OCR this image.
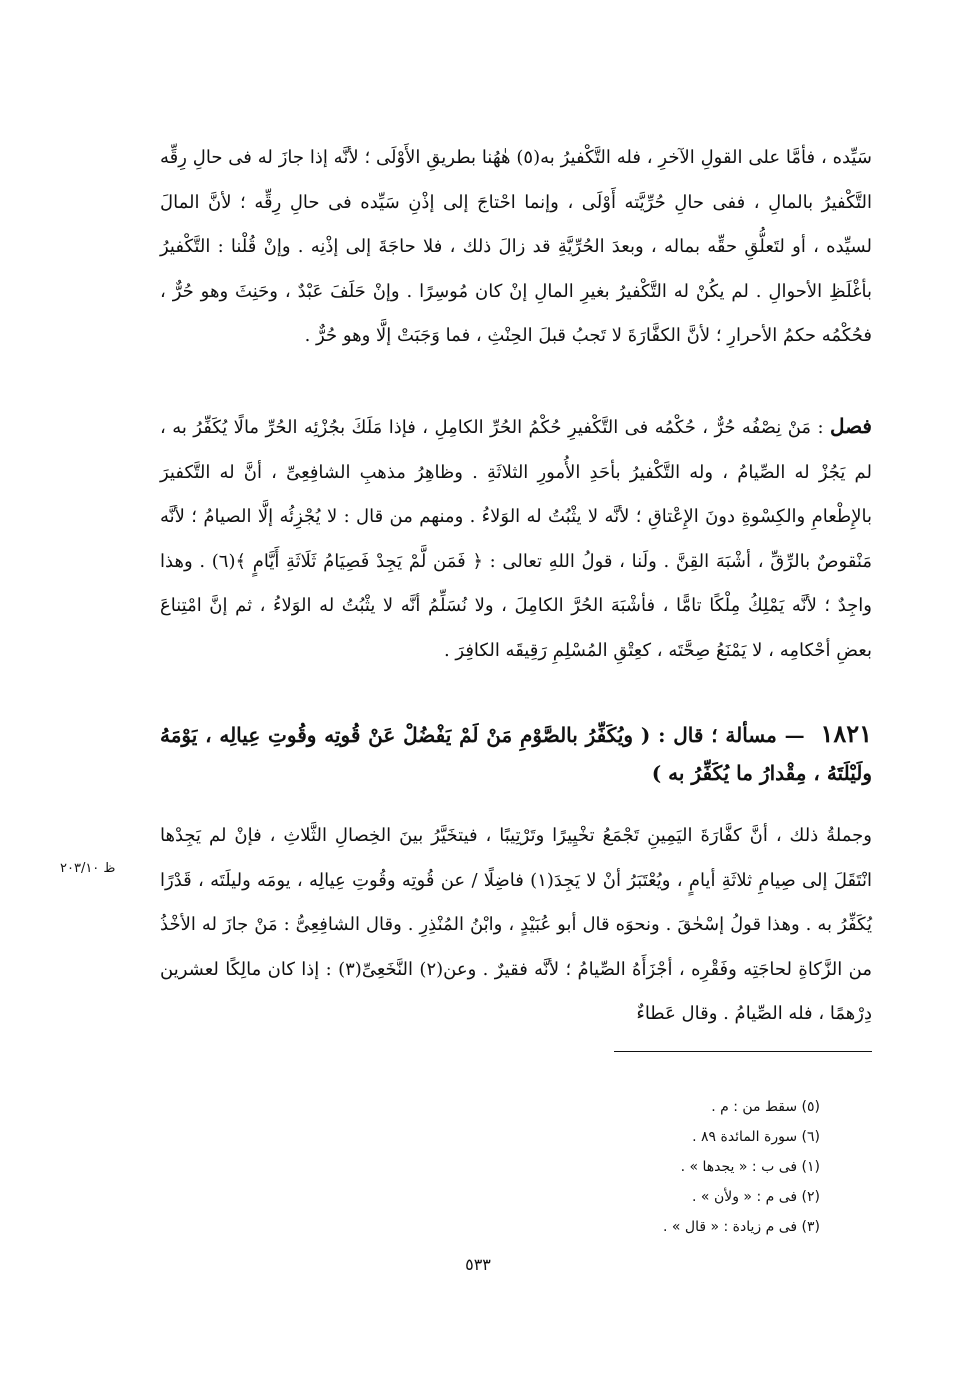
سَيِّده ، فأمَّا على القولِ الآخرِ ، فله التَّكْفيرُ به(٥) هٰهُنا بطريقِ الأَوْلَى ؛ لأنَّه إذا جازَ له فى حالِ رِقِّه التَّكْفيرُ بالمالِ ، ففى حالِ حُرِّيَّته أَوْلَى ، وإنما احْتاجَ إلى إذْنِ سَيِّده فى حالِ رِقِّه ؛ لأنَّ المالَ لسيِّده ، أو لتَعلُّقِ حقِّه بماله ، وبعدَ الحُرِّيَّةِ قد زالَ ذلك ، فلا حاجَةَ إلى إذْنِه . وإنْ قُلْنا : التَّكْفيرُ بأغْلَظِ الأحوالِ . لم يكُنْ له التَّكْفيرُ بغيرِ المالِ إنْ كان مُوسِرًا . وإنْ حَلَفَ عَبْدٌ ، وحَنِثَ وهو حُرٌّ ، فحُكْمُه حكمُ الأحرارِ ؛ لأنَّ الكفَّارَةَ لا تَجبُ قبلَ الحِنْثِ ، فما وَجَبَتْ إلَّا وهو حُرٌّ .

فصل : مَنْ نِصْفُه حُرٌّ ، حُكْمُه فى التَّكْفيرِ حُكْمُ الحُرِّ الكامِلِ ، فإذا مَلَكَ بجُزْئِه الحُرِّ مالًا يُكَفِّرُ به ، لم يَجُزْ له الصِّيامُ ، وله التَّكْفيرُ بأحَدِ الأُمورِ الثلاثَةِ . وظاهِرُ مذهبِ الشافِعِىِّ ، أنَّ له التَّكفيرَ بالإِطْعامِ والكِسْوةِ دونَ الإِعْتاقِ ؛ لأنَّه لا يثْبُتُ له الوَلاءُ . ومنهم من قال : لا يُجْزِئُه إلَّا الصيامُ ؛ لأنَّه مَنْقوصٌ بالرِّقِّ ، أشْبَهَ القِنَّ . ولَنا ، قولُ اللهِ تعالى : ﴿ فَمَن لَّمْ يَجِدْ فَصِيَامُ ثَلَاثَةِ أَيَّامٍ ﴾(٦) . وهذا واجِدٌ ؛ لأنَّه يَمْلِكُ مِلْكًا تامًّا ، فأشْبَهَ الحُرَّ الكامِلَ ، ولا نُسَلِّمُ أنَّه لا يثْبُتُ له الوَلاءُ ، ثم إنَّ امْتِناعَ بعضِ أحْكامِه ، لا يَمْنَعُ صِحَّتَه ، كعِتْقِ المُسْلِمِ رَقِيقَه الكافِرَ .

١٨٢١ — مسألة ؛ قال : ( ويُكَفِّرُ بالصَّوْمِ مَنْ لَمْ يَفْضُلْ عَنْ قُوتِه وقُوتِ عِيالِه ، يَوْمَهُ ولَيْلَتَهُ ، مِقْدارُ ما يُكَفِّرُ به )

وجملةُ ذلك ، أنَّ كفَّارَةَ اليَمِينِ تَجْمَعُ تخْيِيرًا وتَرْتِيبًا ، فيتخَيَّرُ بينَ الخِصالِ الثَّلاثِ ، فإنْ لم يَجِدْها انْتَقَلَ إلى صِيامِ ثلاثَةِ أيامٍ ، ويُعْتَبَرُ أنْ لا يَجِدَ(١) فاضِلًا / عن قُوتِه وقُوتِ عِيالِه ، يومَه وليلَتَه ، قَدْرًا يُكَفِّرُ به . وهذا قولُ إسْحٰقَ . ونحوَه قال أبو عُبَيْدٍ ، وابْنُ المُنْذِرِ . وقال الشافِعِىُّ : مَنْ جازَ له الأخْذُ من الزَّكاةِ لحاجَتِه وفَقْرِه ، أجْزَأَهُ الصِّيامُ ؛ لأنَّه فقيرٌ . وعن(٢) النَّخَعِىِّ(٣) : إذا كان مالِكًا لعشرين دِرْهمًا ، فله الصِّيامُ . وقال عَطاءٌ

ظ ٢٠٣/١٠

(٥) سقط من : م .

(٦) سورة المائدة ٨٩ .

(١) فى ب : « يجدها » .

(٢) فى م : « ولأن » .

(٣) فى م زيادة : « قال » .

٥٣٣
